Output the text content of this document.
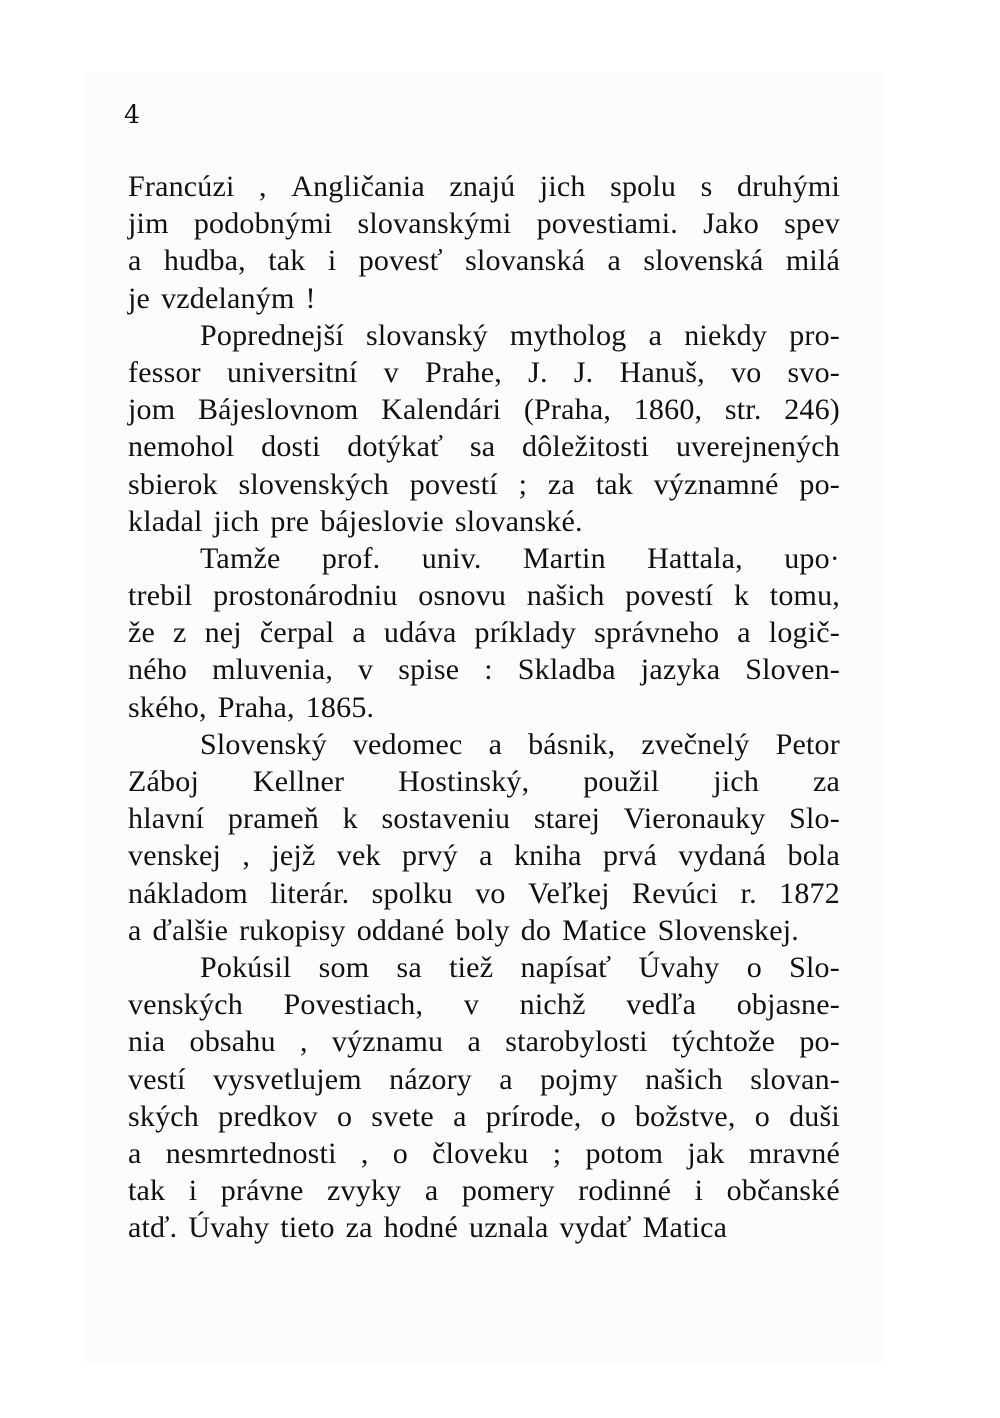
4
Francúzi , Angličania znajú jich spolu s druhými
jim podobnými slovanskými povestiami. Jako spev
a hudba, tak i povesť slovanská a slovenská milá
je vzdelaným !
Poprednejší slovanský mytholog a niekdy pro-
fessor universitní v Prahe, J. J. Hanuš, vo svo-
jom Bájeslovnom Kalendári (Praha, 1860, str. 246)
nemohol dosti dotýkať sa dôležitosti uverejnených
sbierok slovenských povestí ; za tak významné po-
kladal jich pre bájeslovie slovanské.
Tamže prof. univ. Martin Hattala, upo·
trebil prostonárodniu osnovu našich povestí k tomu,
že z nej čerpal a udáva príklady správneho a logič-
ného mluvenia, v spise : Skladba jazyka Sloven-
ského, Praha, 1865.
Slovenský vedomec a básnik, zvečnelý Petor
Záboj Kellner Hostinský, použil jich za
hlavní prameň k sostaveniu starej Vieronauky Slo-
venskej , jejž vek prvý a kniha prvá vydaná bola
nákladom literár. spolku vo Veľkej Revúci r. 1872
a ďalšie rukopisy oddané boly do Matice Slovenskej.
Pokúsil som sa tiež napísať Úvahy o Slo-
venských Povestiach, v nichž vedľa objasne-
nia obsahu , významu a starobylosti týchtože po-
vestí vysvetlujem názory a pojmy našich slovan-
ských predkov o svete a prírode, o božstve, o duši
a nesmrtednosti , o človeku ; potom jak mravné
tak i právne zvyky a pomery rodinné i občanské
atď. Úvahy tieto za hodné uznala vydať Matica
